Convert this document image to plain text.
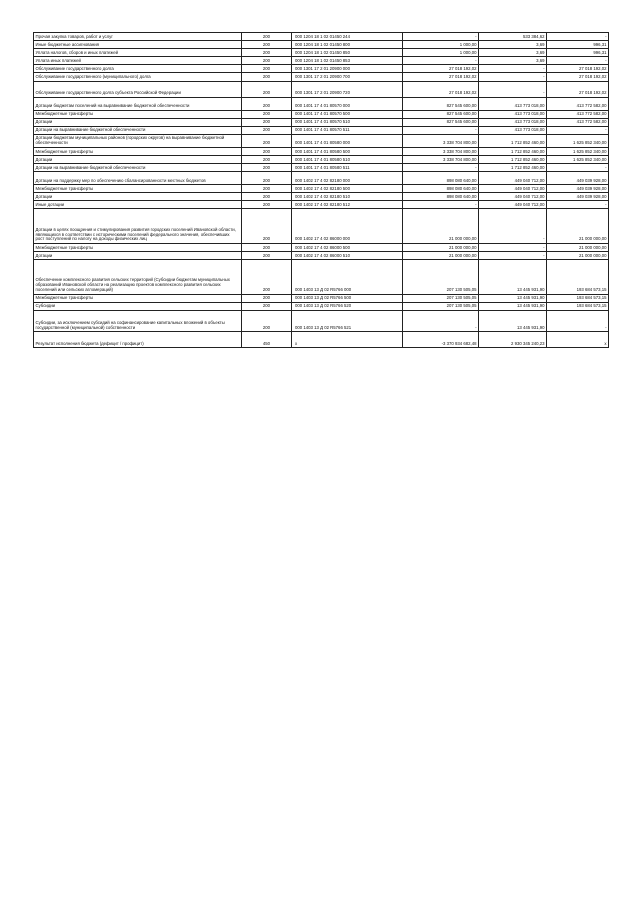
Прочая закупка товаров, работ и услуг	200	000 1204 18 1 02 01450 244	-	533 384,62	-
Иные бюджетные ассигнования	200	000 1204 18 1 02 01450 800	1 000,00	3,69	996,31
Уплата налогов, сборов и иных платежей	200	000 1204 18 1 02 01450 850	1 000,00	3,69	996,31
Уплата иных платежей	200	000 1204 18 1 02 01450 853	-	3,69	-
Обслуживание государственного долга	200	000 1301 17 2 01 20900 000	27 018 192,02	-	27 018 192,02
Обслуживание государственного (муниципального) долга	200	000 1301 17 2 01 20900 700	27 018 192,02	-	27 018 192,02
Обслуживание государственного долга субъекта Российской Федерации	200	000 1301 17 2 01 20900 720	27 018 192,02	-	27 018 192,02
Дотации бюджетам поселений на выравнивание бюджетной обеспеченности	200	000 1401 17 4 01 80570 000	827 545 600,00	413 773 018,00	413 772 582,00
Межбюджетные трансферты	200	000 1401 17 4 01 80570 500	827 545 600,00	413 773 018,00	413 772 582,00
Дотации	200	000 1401 17 4 01 80570 510	827 545 600,00	413 773 018,00	413 772 582,00
Дотации на выравнивание бюджетной обеспеченности	200	000 1401 17 4 01 80570 511	-	413 773 018,00	-
Дотации бюджетам муниципальных районов (городских округов) на выравнивание бюджетной обеспеченности	200	000 1401 17 4 01 80580 000	3 338 704 800,00	1 712 852 460,00	1 625 852 340,00
Межбюджетные трансферты	200	000 1401 17 4 01 80580 500	3 338 704 800,00	1 712 852 460,00	1 625 852 340,00
Дотации	200	000 1401 17 4 01 80580 510	3 338 704 800,00	1 712 852 460,00	1 625 852 340,00
Дотации на выравнивание бюджетной обеспеченности	200	000 1401 17 4 01 80580 511	-	1 712 852 460,00	-
Дотации на поддержку мер по обеспечению сбалансированности местных бюджетов	200	000 1402 17 4 02 82180 000	898 080 640,00	449 040 712,00	449 039 928,00
Межбюджетные трансферты	200	000 1402 17 4 02 82180 500	898 080 640,00	449 040 712,00	449 039 928,00
Дотации	200	000 1402 17 4 02 82180 510	898 080 640,00	449 040 712,00	449 039 928,00
Иные дотации	200	000 1402 17 4 02 82180 512	-	449 040 712,00	-
Дотации в целях поощрения и стимулирования развития городских поселений Ивановской области, являющихся в соответствии с историческими поселений федерального значения, обеспечивших рост поступлений по налогу на доходы физических лиц	200	000 1402 17 4 02 86000 000	21 000 000,00	-	21 000 000,00
Межбюджетные трансферты	200	000 1402 17 4 02 86000 500	21 000 000,00	-	21 000 000,00
Дотации	200	000 1402 17 4 02 86000 510	21 000 000,00	-	21 000 000,00
Обеспечение комплексного развития сельских территорий (Субсидии бюджетам муниципальных образований Ивановской области на реализацию проектов комплексного развития сельских поселений или сельских агломераций)	200	000 1403 13 Д 02 R5766 000	207 130 505,05	13 445 931,90	193 684 573,15
Межбюджетные трансферты	200	000 1403 13 Д 02 R5766 500	207 130 505,05	13 445 931,90	193 684 573,15
Субсидии	200	000 1403 13 Д 02 R5766 520	207 130 505,05	13 445 931,90	193 684 573,15
Субсидии, за исключением субсидий на софинансирование капитальных вложений в объекты государственной (муниципальной) собственности	200	000 1403 13 Д 02 R5766 521	-	13 445 931,90	-
Результат исполнения бюджета (дефицит / профицит)	450	x	-3 370 934 682,48	2 930 345 240,23	x
